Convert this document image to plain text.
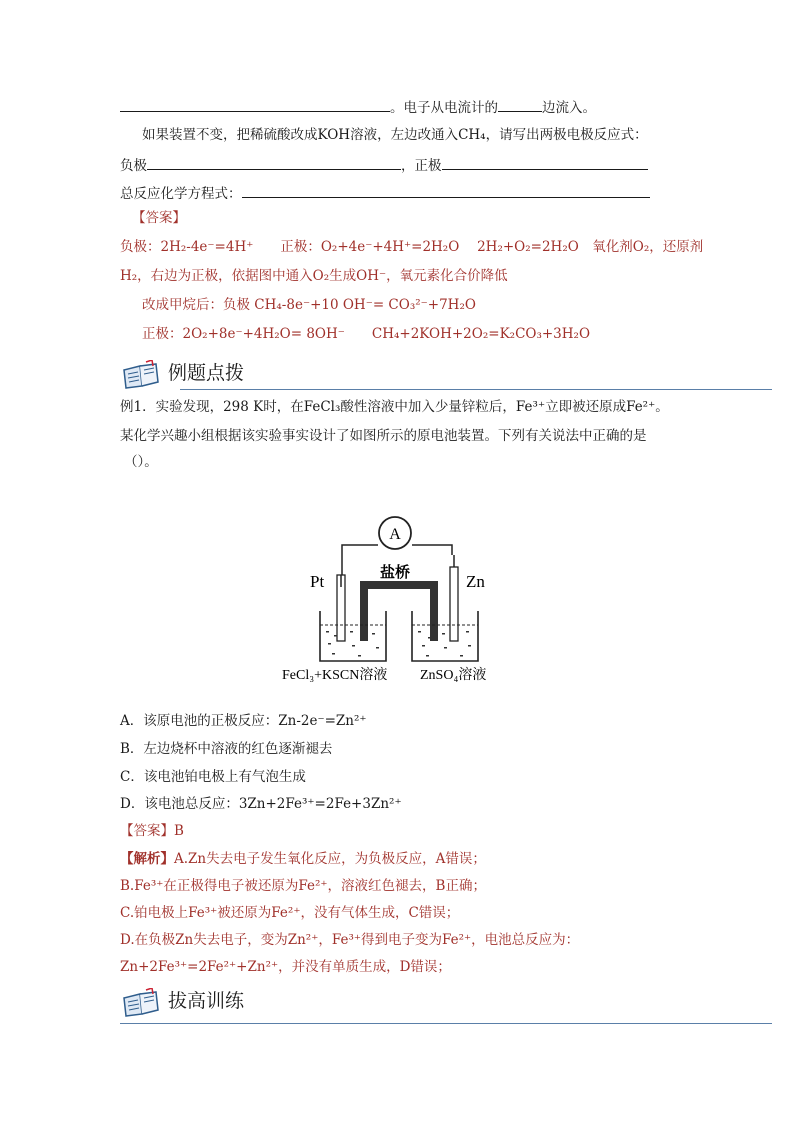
。电子从电流计的	边流入。
如果装置不变，把稀硫酸改成KOH溶液，左边改通入CH₄，请写出两极电极反应式：
负极	，正极
总反应化学方程式：
【答案】
负极：2H₂-4e⁻=4H⁺　　正极：O₂+4e⁻+4H⁺=2H₂O　 2H₂+O₂=2H₂O　氧化剂O₂，还原剂
H₂，右边为正极，依据图中通入O₂生成OH⁻，氧元素化合价降低
改成甲烷后：负极 CH₄-8e⁻+10 OH⁻= CO₃²⁻+7H₂O
正极：2O₂+8e⁻+4H₂O= 8OH⁻　　CH₄+2KOH+2O₂=K₂CO₃+3H₂O
例题点拨
例1．实验发现，298 K时，在FeCl₃酸性溶液中加入少量锌粒后，Fe³⁺立即被还原成Fe²⁺。
某化学兴趣小组根据该实验事实设计了如图所示的原电池装置。下列有关说法中正确的是
（）。
A
Pt	Zn
盐桥
FeCl₃+KSCN溶液 ZnSO₄溶液
A．该原电池的正极反应：Zn-2e⁻=Zn²⁺
B．左边烧杯中溶液的红色逐渐褪去
C．该电池铂电极上有气泡生成
D．该电池总反应：3Zn+2Fe³⁺=2Fe+3Zn²⁺
【答案】B
【解析】A.Zn失去电子发生氧化反应，为负极反应，A错误；
B.Fe³⁺在正极得电子被还原为Fe²⁺，溶液红色褪去，B正确；
C.铂电极上Fe³⁺被还原为Fe²⁺，没有气体生成，C错误；
D.在负极Zn失去电子，变为Zn²⁺，Fe³⁺得到电子变为Fe²⁺，电池总反应为：
Zn+2Fe³⁺=2Fe²⁺+Zn²⁺，并没有单质生成，D错误；
拔高训练
